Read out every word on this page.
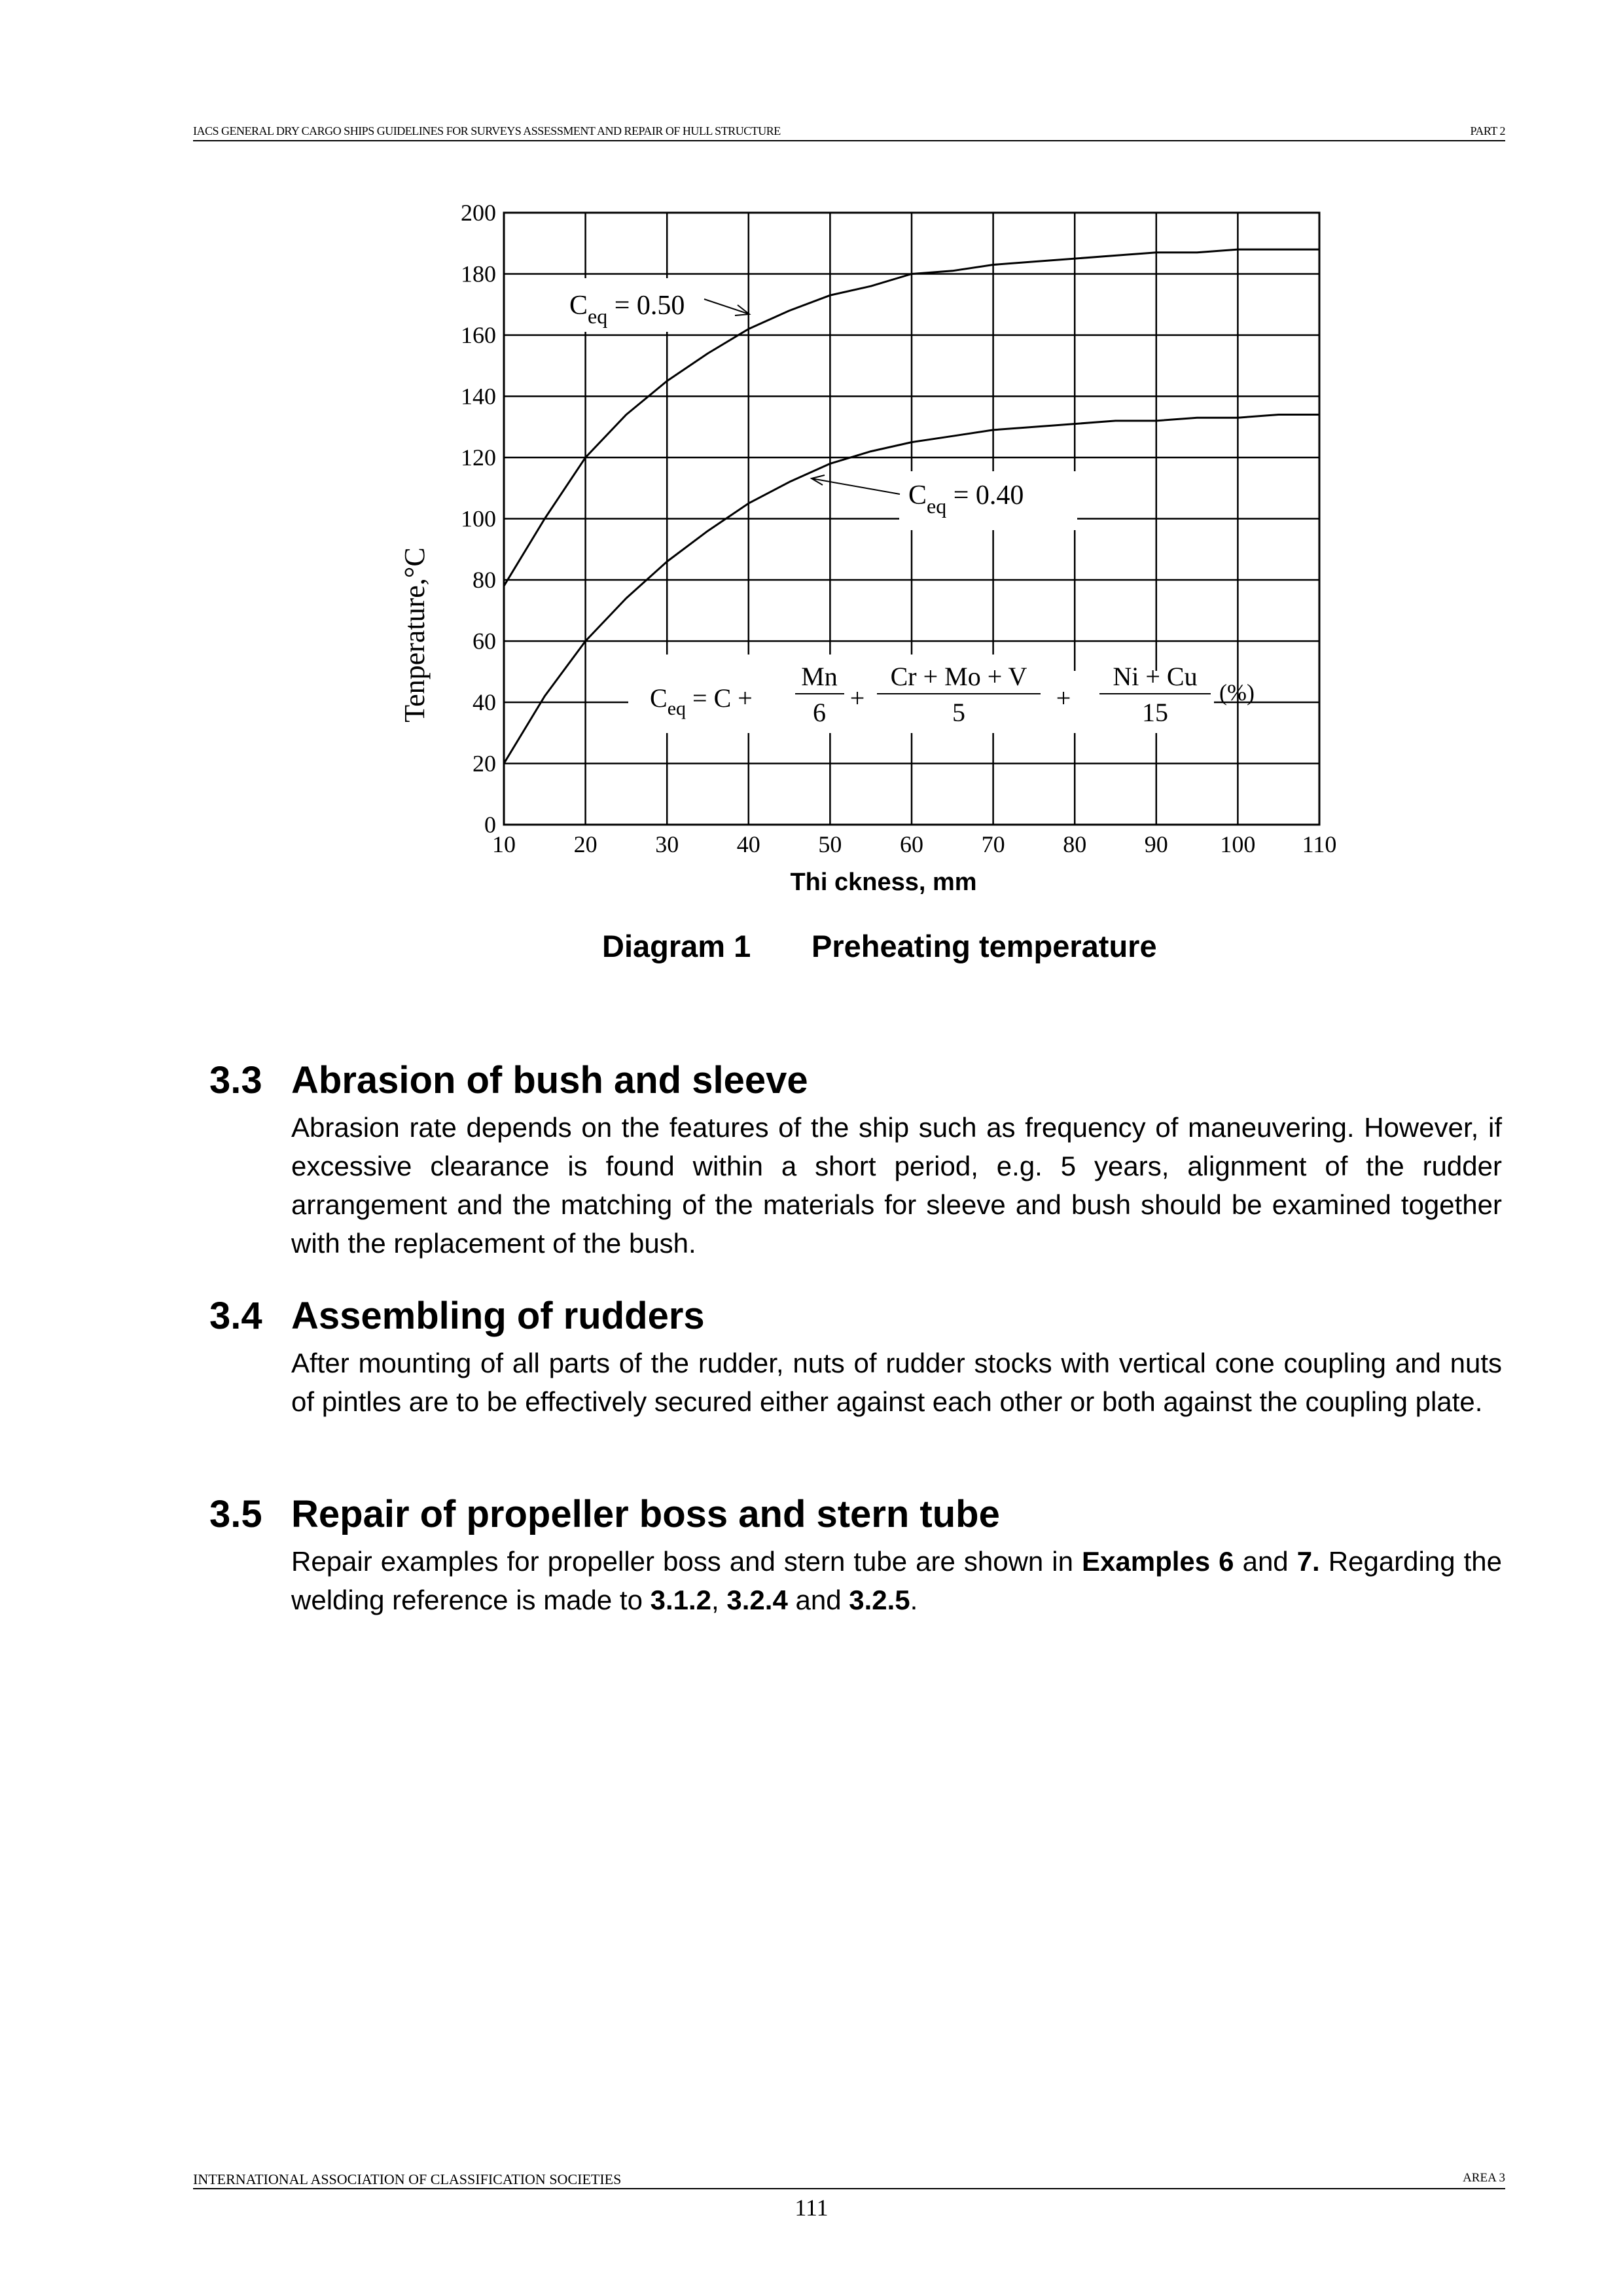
IACS GENERAL DRY CARGO SHIPS GUIDELINES FOR SURVEYS ASSESSMENT AND REPAIR OF HULL STRUCTURE	PART 2
10 20 30 40 50 60 70 80 90 100 110
0
20
40
60
80
100
120
140
160
180
200
Tenperature,°C
Thi ckness, mm
$C_{eq} = 0.50$
$C_{eq} = 0.40$
$C_{eq} = C$ +
Mn
6 +
Cr + Mo + V
5	+
Ni + Cu
15
(%)
Diagram 1 Preheating temperature
3.3 Abrasion of bush and sleeve

Abrasion rate depends on the features of the ship such as frequency of maneuvering. However, if excessive clearance is found within a short period, e.g. 5 years, alignment of the rudder arrangement and the matching of the materials for sleeve and bush should be examined together with the replacement of the bush.

3.4 Assembling of rudders

After mounting of all parts of the rudder, nuts of rudder stocks with vertical cone coupling and nuts of pintles are to be effectively secured either against each other or both against the coupling plate.

3.5 Repair of propeller boss and stern tube

Repair examples for propeller boss and stern tube are shown in Examples 6 and 7. Regarding the welding reference is made to 3.1.2, 3.2.4 and 3.2.5.

INTERNATIONAL ASSOCIATION OF CLASSIFICATION SOCIETIES	AREA 3
111
